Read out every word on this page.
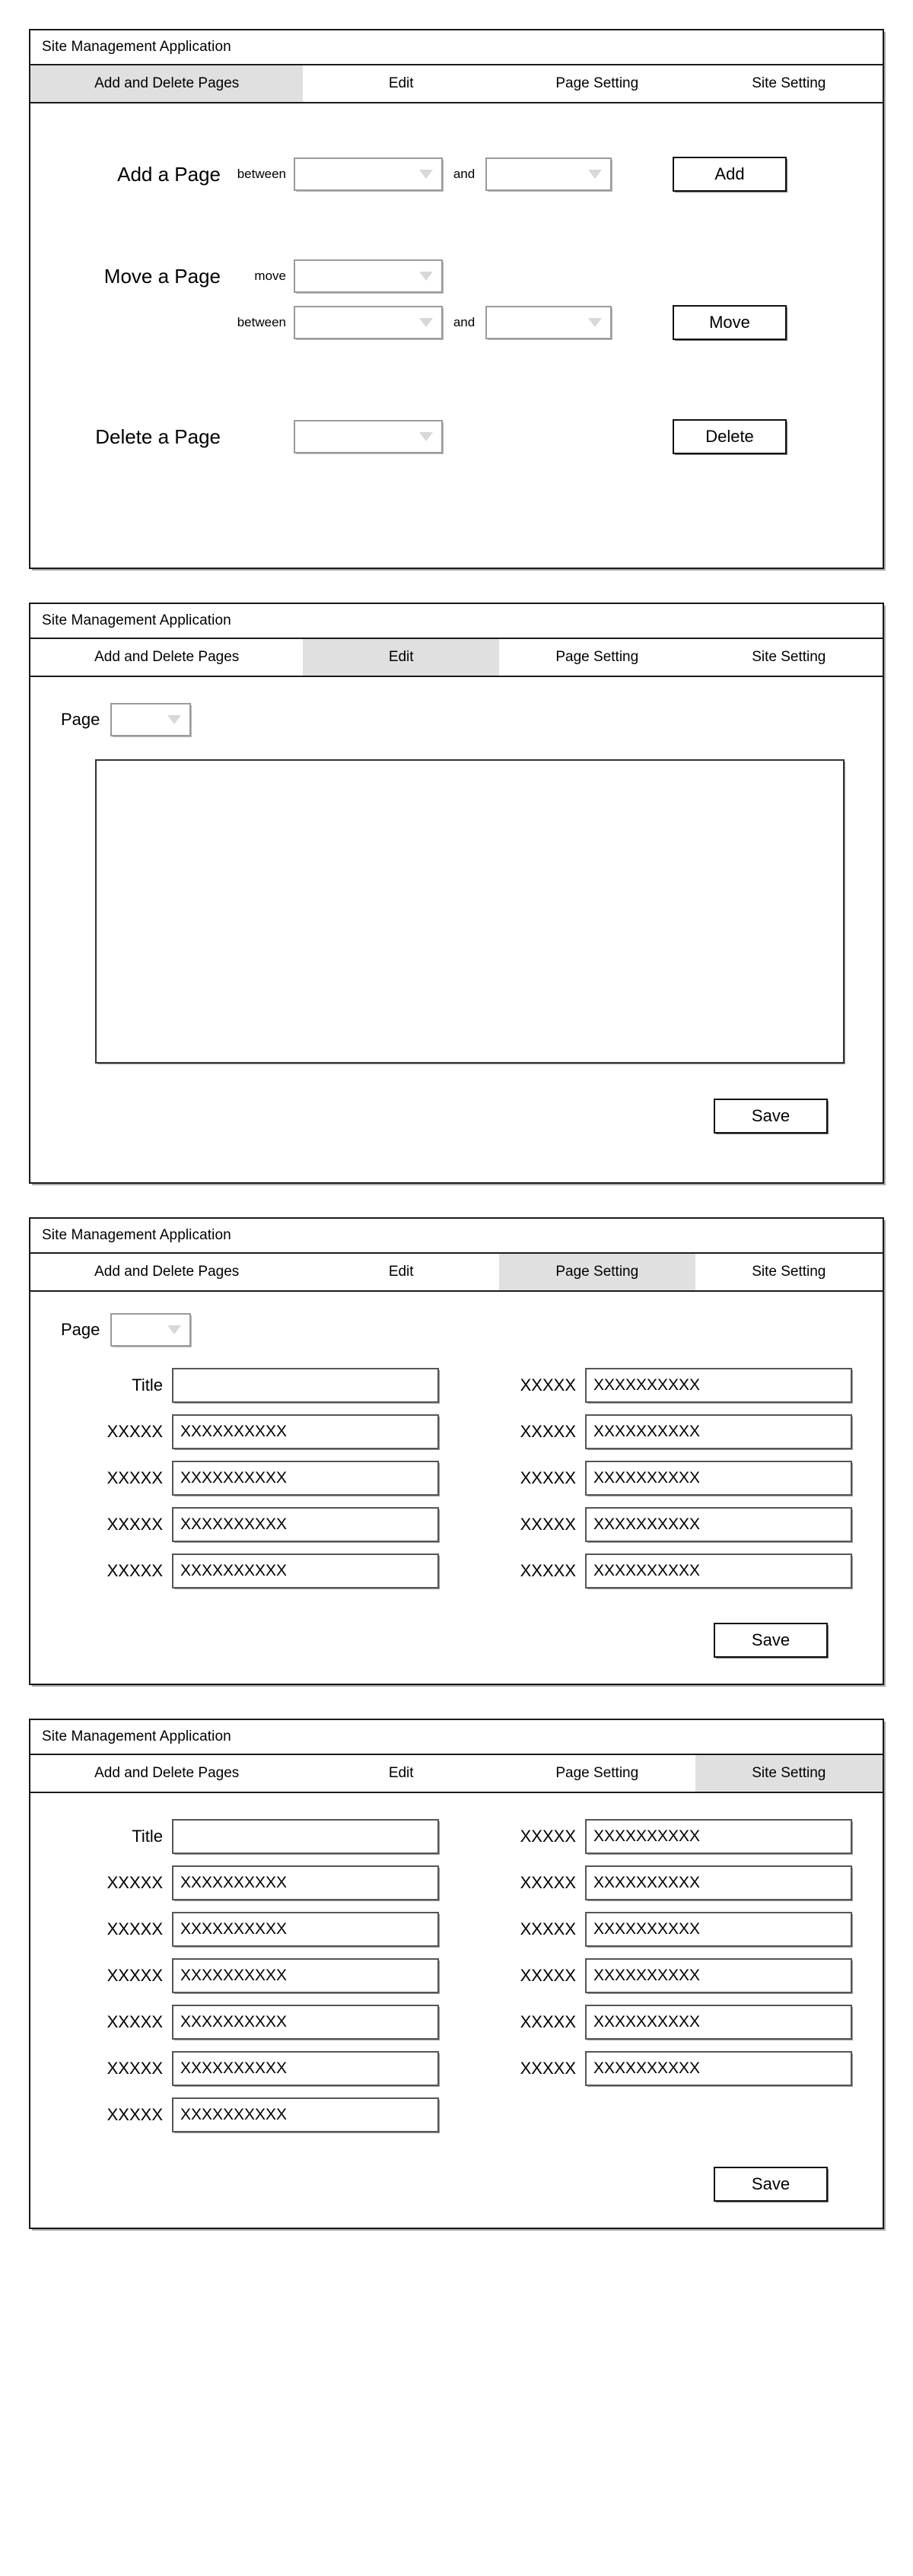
Site Management Application
Add and Delete Pages	Edit	Page Setting	Site Setting
Add a Page	between	and	Add
Move a Page	move
between	and	Move
Delete a Page	Delete
Site Management Application
Add and Delete Pages	Edit	Page Setting	Site Setting
Page
Save
Site Management Application
Add and Delete Pages	Edit	Page Setting	Site Setting
Page
Title
XXXXX	XXXXXXXXXX
XXXXX	XXXXXXXXXX
XXXXX	XXXXXXXXXX
XXXXX	XXXXXXXXXX
XXXXX	XXXXXXXXXX
XXXXX	XXXXXXXXXX
XXXXX	XXXXXXXXXX
XXXXX	XXXXXXXXXX
XXXXX	XXXXXXXXXX
Save
Site Management Application
Add and Delete Pages	Edit	Page Setting	Site Setting
Title
XXXXX	XXXXXXXXXX
XXXXX	XXXXXXXXXX
XXXXX	XXXXXXXXXX
XXXXX	XXXXXXXXXX
XXXXX	XXXXXXXXXX
XXXXX	XXXXXXXXXX
XXXXX	XXXXXXXXXX
XXXXX	XXXXXXXXXX
XXXXX	XXXXXXXXXX
XXXXX	XXXXXXXXXX
XXXXX	XXXXXXXXXX
XXXXX	XXXXXXXXXX
Save
